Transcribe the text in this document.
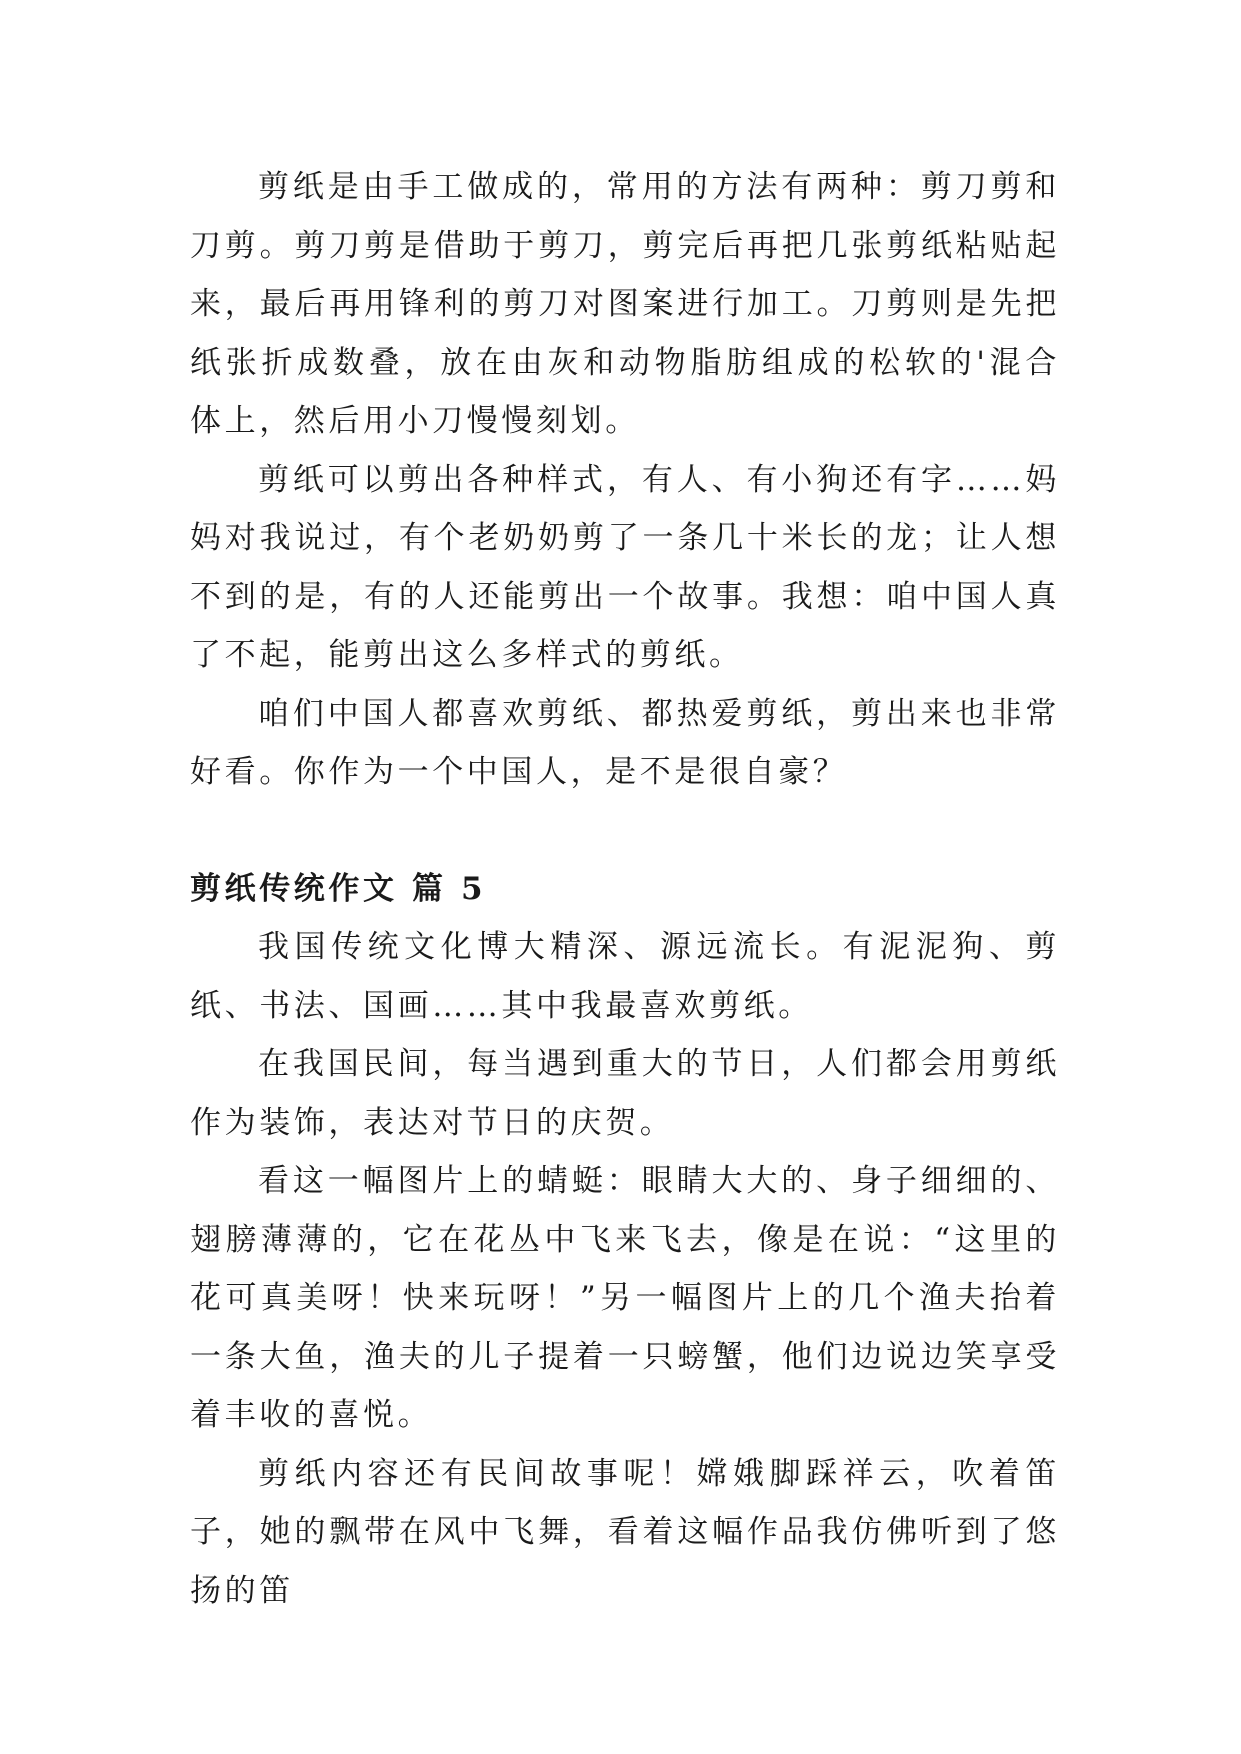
剪纸是由手工做成的，常用的方法有两种：剪刀剪和刀剪。剪刀剪是借助于剪刀，剪完后再把几张剪纸粘贴起来，最后再用锋利的剪刀对图案进行加工。刀剪则是先把纸张折成数叠，放在由灰和动物脂肪组成的松软的'混合体上，然后用小刀慢慢刻划。

剪纸可以剪出各种样式，有人、有小狗还有字……妈妈对我说过，有个老奶奶剪了一条几十米长的龙；让人想不到的是，有的人还能剪出一个故事。我想：咱中国人真了不起，能剪出这么多样式的剪纸。

咱们中国人都喜欢剪纸、都热爱剪纸，剪出来也非常好看。你作为一个中国人，是不是很自豪？

剪纸传统作文 篇 5

我国传统文化博大精深、源远流长。有泥泥狗、剪纸、书法、国画……其中我最喜欢剪纸。

在我国民间，每当遇到重大的节日，人们都会用剪纸作为装饰，表达对节日的庆贺。

看这一幅图片上的蜻蜓：眼睛大大的、身子细细的、翅膀薄薄的，它在花丛中飞来飞去，像是在说：“这里的花可真美呀！快来玩呀！”另一幅图片上的几个渔夫抬着一条大鱼，渔夫的儿子提着一只螃蟹，他们边说边笑享受着丰收的喜悦。

剪纸内容还有民间故事呢！嫦娥脚踩祥云，吹着笛子，她的飘带在风中飞舞，看着这幅作品我仿佛听到了悠扬的笛
